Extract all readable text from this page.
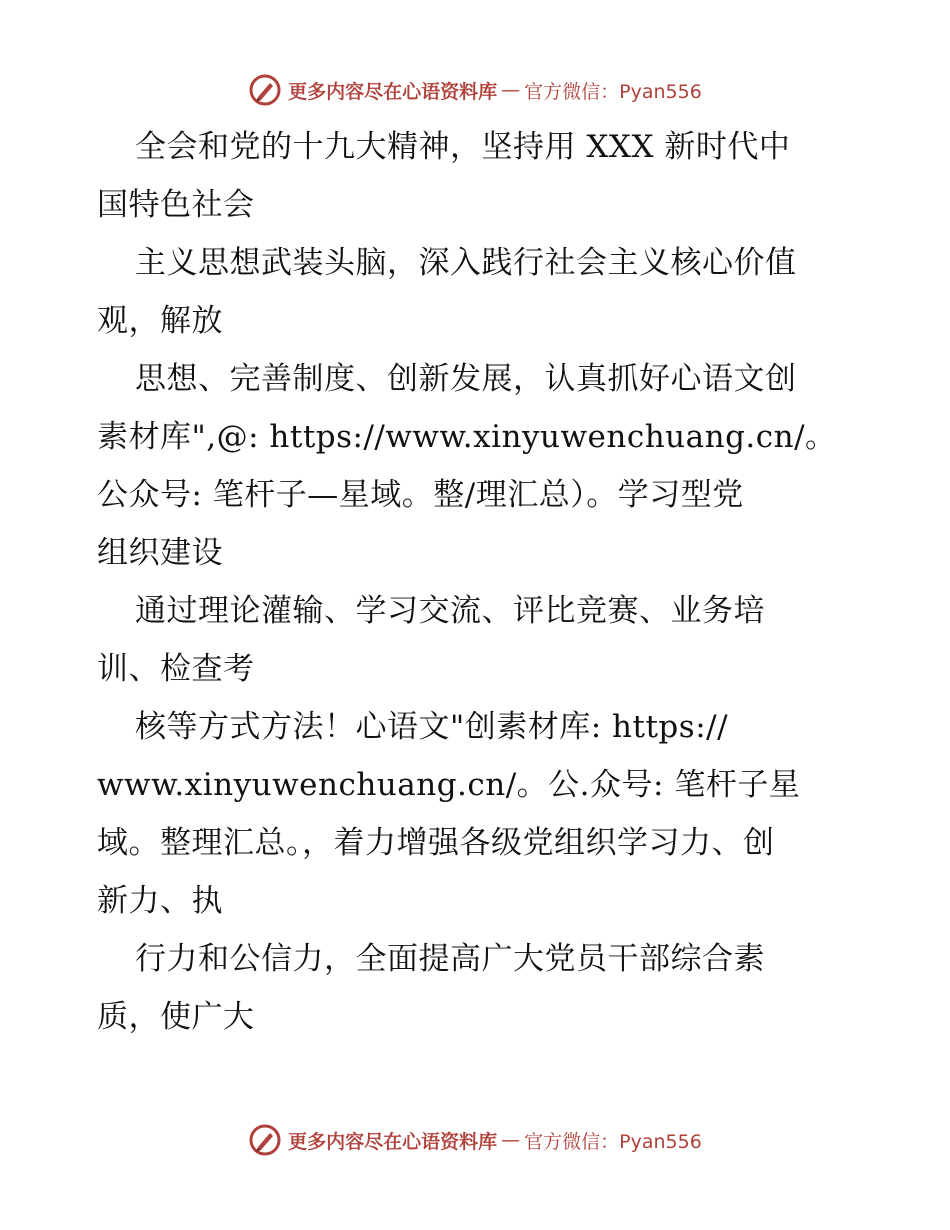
更多内容尽在心语资料库 — 官方微信：Pyan556
全会和党的十九大精神，坚持用 XXX 新时代中
国特色社会
主义思想武装头脑，深入践行社会主义核心价值
观，解放
思想、完善制度、创新发展，认真抓好心语文创
素材库",@: https://www.xinyuwenchuang.cn/。
公众号: 笔杆子—星域。整/理汇总）。学习型党
组织建设
通过理论灌输、学习交流、评比竞赛、业务培
训、检查考
核等方式方法！心语文"创素材库: https://
www.xinyuwenchuang.cn/。公.众号: 笔杆子星
域。整理汇总。，着力增强各级党组织学习力、创
新力、执
行力和公信力，全面提高广大党员干部综合素
质，使广大
更多内容尽在心语资料库 — 官方微信：Pyan556
